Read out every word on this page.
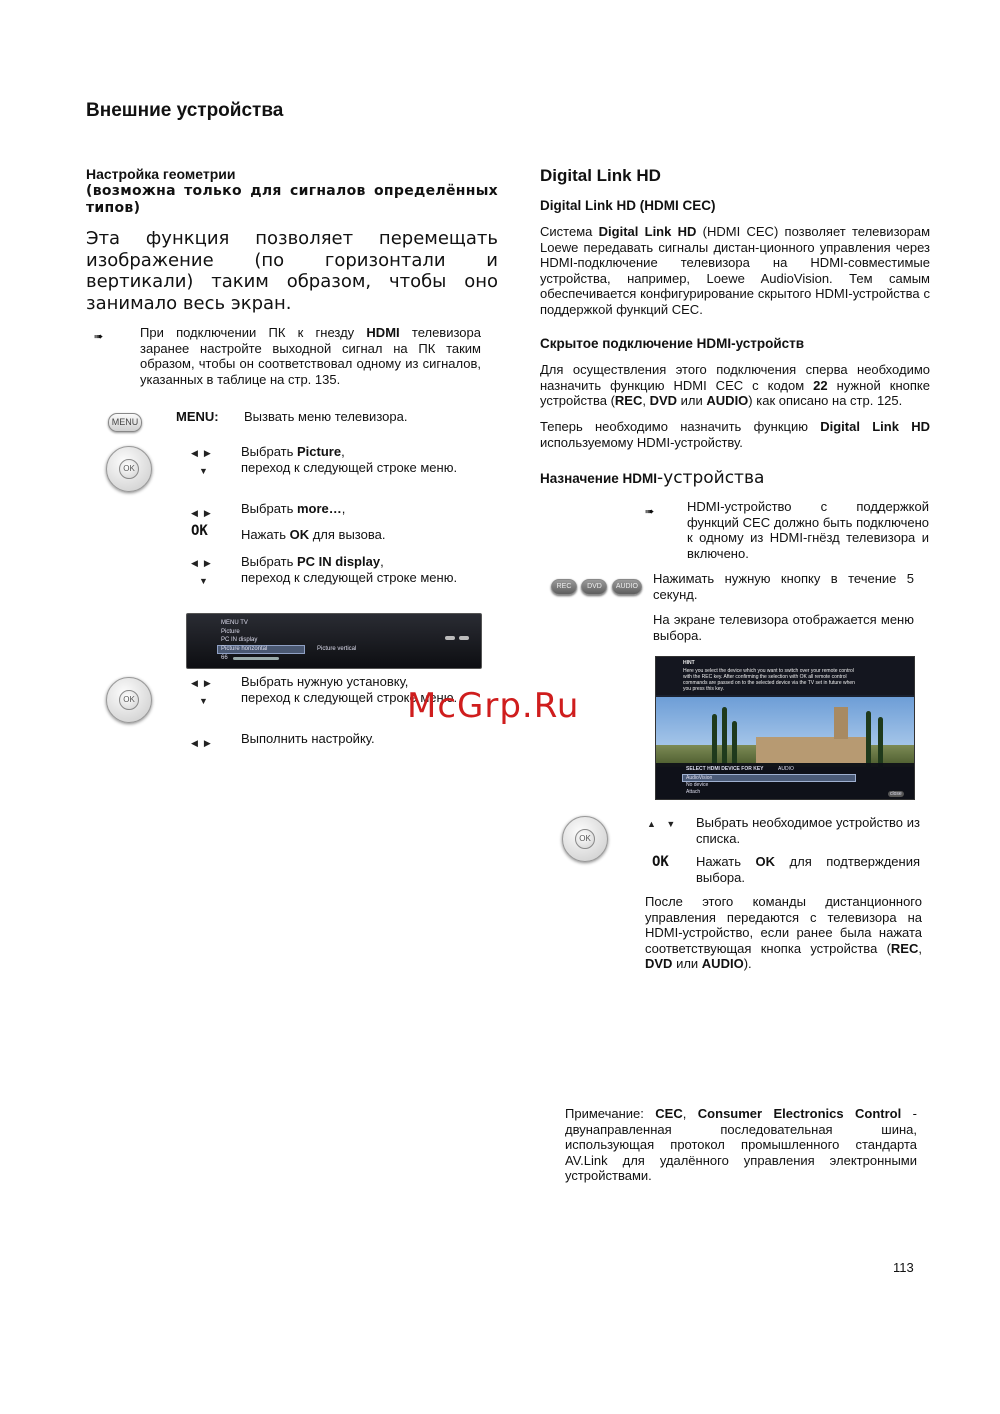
Внешние устройства
Настройка геометрии
(возможна только для сигналов определённых типов)
Эта функция позволяет перемещать изображение (по горизонтали и вертикали) таким образом, чтобы оно занимало весь экран.
➠	При подключении ПК к гнезду HDMI телевизора заранее настройте выходной сигнал на ПК таким образом, чтобы он соответствовал одному из сигналов, указанных в таблице на стр. 135.
MENU	MENU: Вызвать меню телевизора.
OK
◀▶
▼
Выбрать Picture,
переход к следующей строке меню.
◀▶ Выбрать more…,
OK	Нажать OK для вызова.
◀▶
▼
Выбрать PC IN display,
переход к следующей строке меню.
MENU TV
Picture
PC IN display
Picture horizontal	Picture vertical
66
OK
◀▶
▼
Выбрать нужную установку,
переход к следующей строке меню.
◀▶ Выполнить настройку.
Digital Link HD
Digital Link HD (HDMI CEC)
Система Digital Link HD (HDMI CEC) позволяет телевизорам Loewe передавать сигналы дистан-ционного управления через HDMI-подключение телевизора на HDMI-совместимые устройства, например, Loewe AudioVision. Тем самым обеспечивается конфигурирование скрытого HDMI-устройства с поддержкой функций CEC.
Скрытое подключение HDMI-устройств
Для осуществления этого подключения сперва необходимо назначить функцию HDMI CEC с кодом 22 нужной кнопке устройства (REC, DVD или AUDIO) как описано на стр. 125.
Теперь необходимо назначить функцию Digital Link HD используемому HDMI-устройству.
Назначение HDMI-устройства
➠	HDMI-устройство с поддержкой функций CEC должно быть подключено к одному из HDMI-гнёзд телевизора и включено.
REC DVD AUDIO
Нажимать нужную кнопку в течение 5 секунд.
На экране телевизора отображается меню выбора.
HINT
Here you select the device which you want to switch over your remote control
with the REC key. After confirming the selection with OK all remote control
commands are passed on to the selected device via the TV set in future when
you press this key.
SELECT HDMI DEVICE FOR KEY	AUDIO
AudioVision
No device
Attach	close
McGrp.Ru
OK
▲ ▼ Выбрать необходимое устройство из списка.
OK Нажать OK для подтверждения выбора.
После этого команды дистанционного управления передаются с телевизора на HDMI-устройство, если ранее была нажата соответствующая кнопка устройства (REC, DVD или AUDIO).
Примечание: CEC, Consumer Electronics Control - двунаправленная последовательная шина, использующая протокол промышленного стандарта AV.Link для удалённого управления электронными устройствами.
113
